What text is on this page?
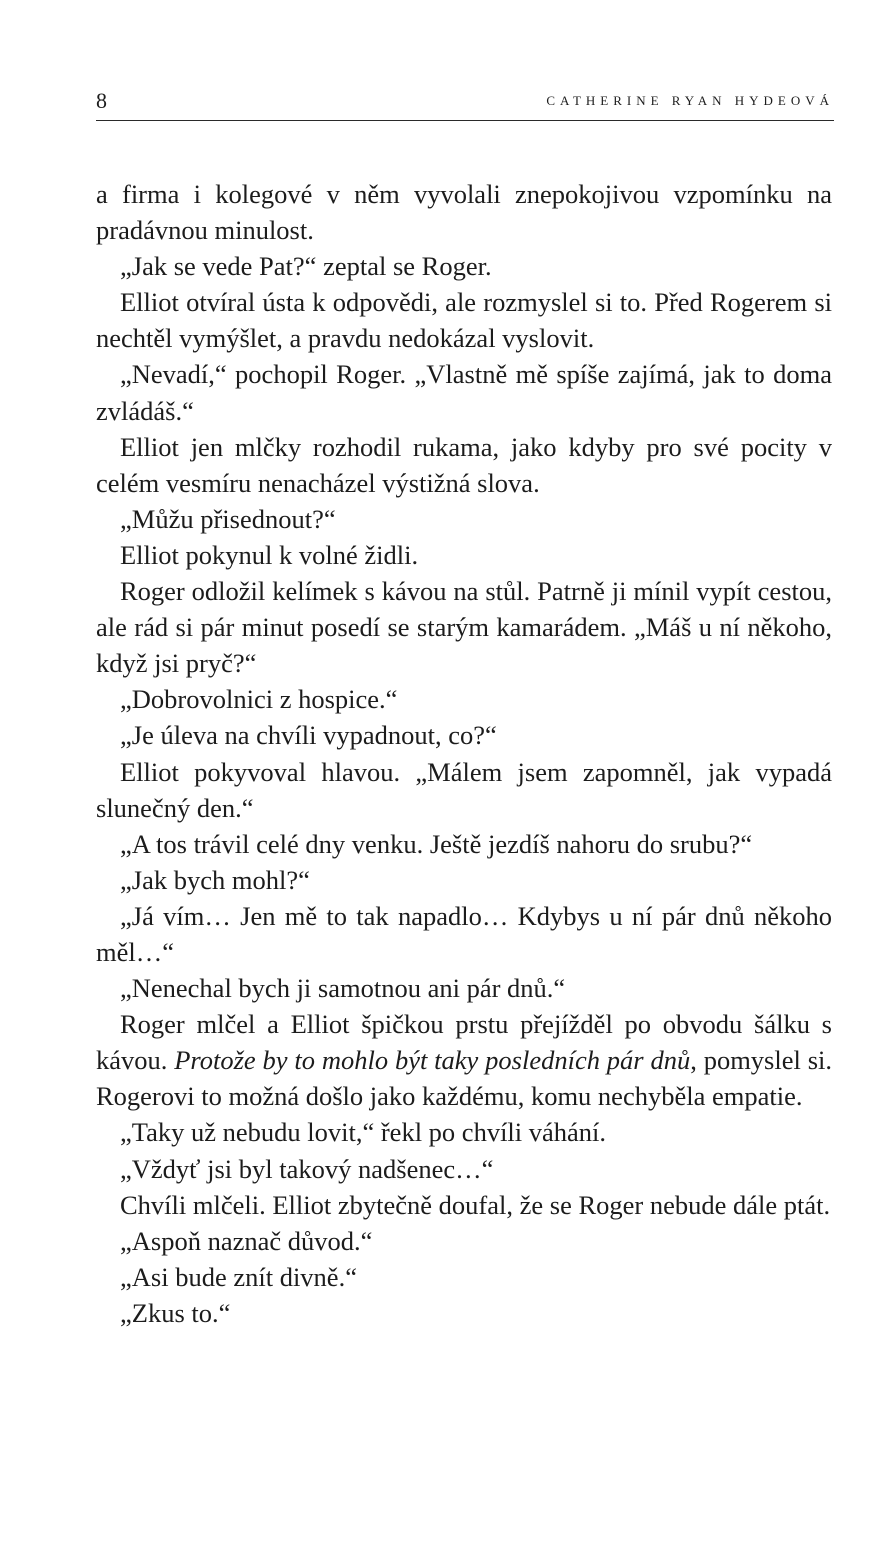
8	CATHERINE RYAN HYDEOVÁ

a firma i kolegové v něm vyvolali znepokojivou vzpomínku na pradávnou minulost.

„Jak se vede Pat?“ zeptal se Roger.

Elliot otvíral ústa k odpovědi, ale rozmyslel si to. Před Rogerem si nechtěl vymýšlet, a pravdu nedokázal vyslovit.

„Nevadí,“ pochopil Roger. „Vlastně mě spíše zajímá, jak to doma zvládáš.“

Elliot jen mlčky rozhodil rukama, jako kdyby pro své pocity v celém vesmíru nenacházel výstižná slova.

„Můžu přisednout?“

Elliot pokynul k volné židli.

Roger odložil kelímek s kávou na stůl. Patrně ji mínil vypít cestou, ale rád si pár minut posedí se starým kamarádem. „Máš u ní někoho, když jsi pryč?“

„Dobrovolnici z hospice.“

„Je úleva na chvíli vypadnout, co?“

Elliot pokyvoval hlavou. „Málem jsem zapomněl, jak vypadá slunečný den.“

„A tos trávil celé dny venku. Ještě jezdíš nahoru do srubu?“

„Jak bych mohl?“

„Já vím… Jen mě to tak napadlo… Kdybys u ní pár dnů někoho měl…“

„Nenechal bych ji samotnou ani pár dnů.“

Roger mlčel a Elliot špičkou prstu přejížděl po obvodu šálku s kávou. Protože by to mohlo být taky posledních pár dnů, pomyslel si. Rogerovi to možná došlo jako každému, komu nechyběla empatie.

„Taky už nebudu lovit,“ řekl po chvíli váhání.

„Vždyť jsi byl takový nadšenec…“

Chvíli mlčeli. Elliot zbytečně doufal, že se Roger nebude dále ptát.

„Aspoň naznač důvod.“

„Asi bude znít divně.“

„Zkus to.“
